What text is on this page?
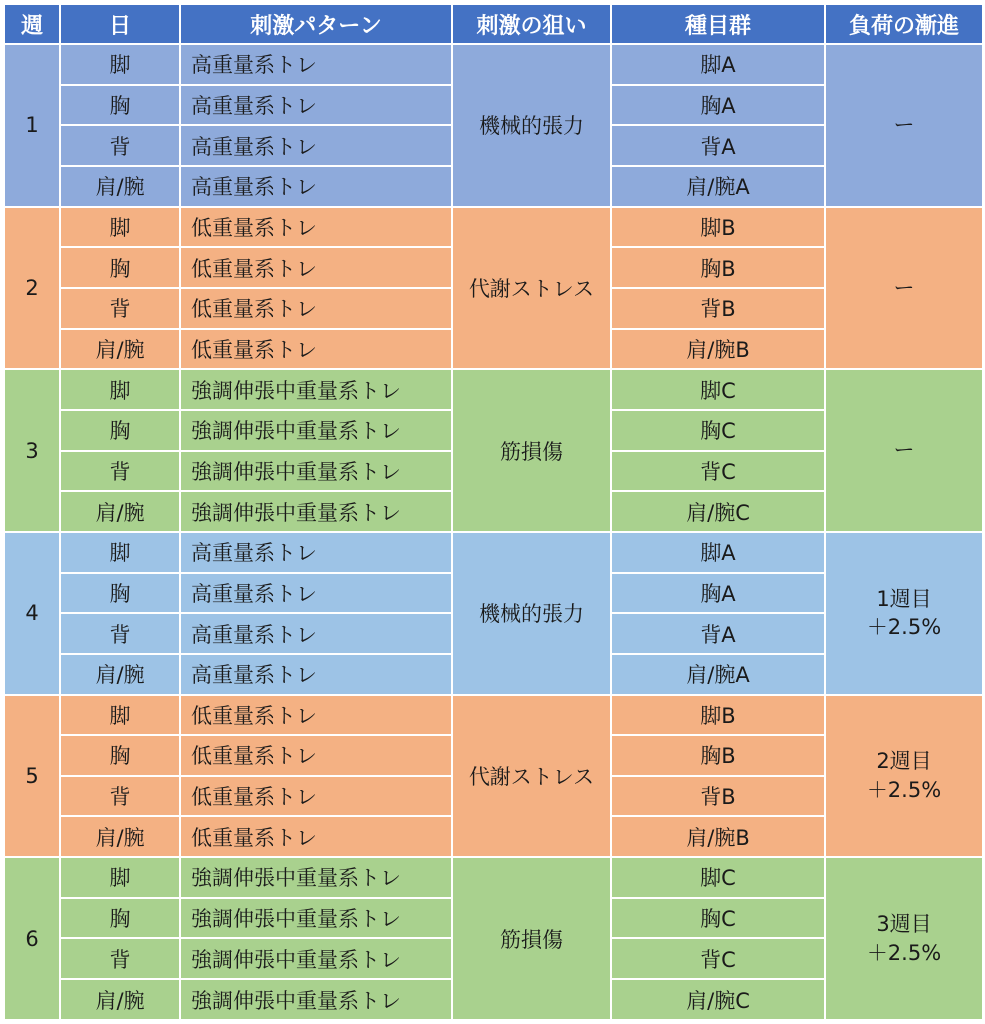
週	日	刺激パターン	刺激の狙い	種目群	負荷の漸進
1	脚	高重量系トレ	機械的張力	脚A	ー
	胸	高重量系トレ		胸A	
	背	高重量系トレ		背A	
	肩/腕	高重量系トレ		肩/腕A	
2	脚	低重量系トレ	代謝ストレス	脚B	ー
	胸	低重量系トレ		胸B	
	背	低重量系トレ		背B	
	肩/腕	低重量系トレ		肩/腕B	
3	脚	強調伸張中重量系トレ	筋損傷	脚C	ー
	胸	強調伸張中重量系トレ		胸C	
	背	強調伸張中重量系トレ		背C	
	肩/腕	強調伸張中重量系トレ		肩/腕C	
4	脚	高重量系トレ	機械的張力	脚A	1週目
＋2.5%
	胸	高重量系トレ		胸A	
	背	高重量系トレ		背A	
	肩/腕	高重量系トレ		肩/腕A	
5	脚	低重量系トレ	代謝ストレス	脚B	2週目
＋2.5%
	胸	低重量系トレ		胸B	
	背	低重量系トレ		背B	
	肩/腕	低重量系トレ		肩/腕B	
6	脚	強調伸張中重量系トレ	筋損傷	脚C	3週目
＋2.5%
	胸	強調伸張中重量系トレ		胸C	
	背	強調伸張中重量系トレ		背C	
	肩/腕	強調伸張中重量系トレ		肩/腕C	
